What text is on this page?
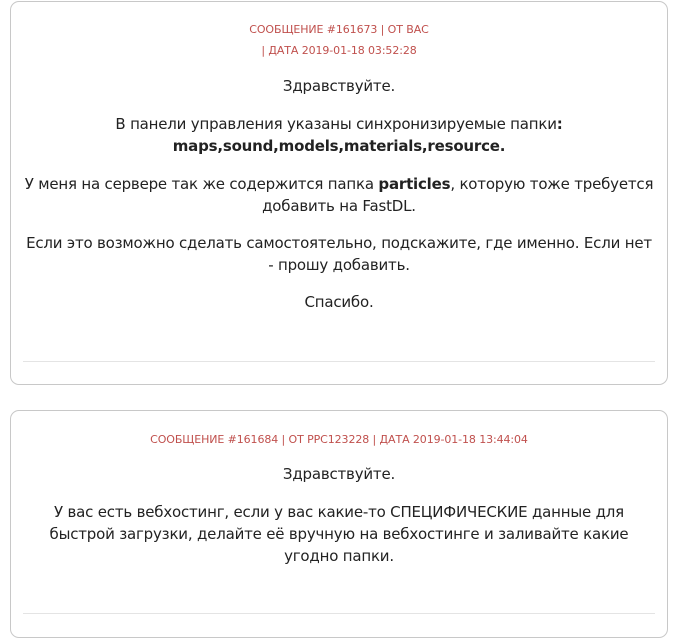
СООБЩЕНИЕ #161673 | ОТ ВАС
| ДАТА 2019-01-18 03:52:28

Здравствуйте.

В панели управления указаны синхронизируемые папки:
maps,sound,models,materials,resource.

У меня на сервере так же содержится папка particles, которую тоже требуется добавить на FastDL.

Если это возможно сделать самостоятельно, подскажите, где именно. Если нет - прошу добавить.

Спасибо.

СООБЩЕНИЕ #161684 | ОТ PPC123228 | ДАТА 2019-01-18 13:44:04

Здравствуйте.

У вас есть вебхостинг, если у вас какие-то СПЕЦИФИЧЕСКИЕ данные для быстрой загрузки, делайте её вручную на вебхостинге и заливайте какие угодно папки.
